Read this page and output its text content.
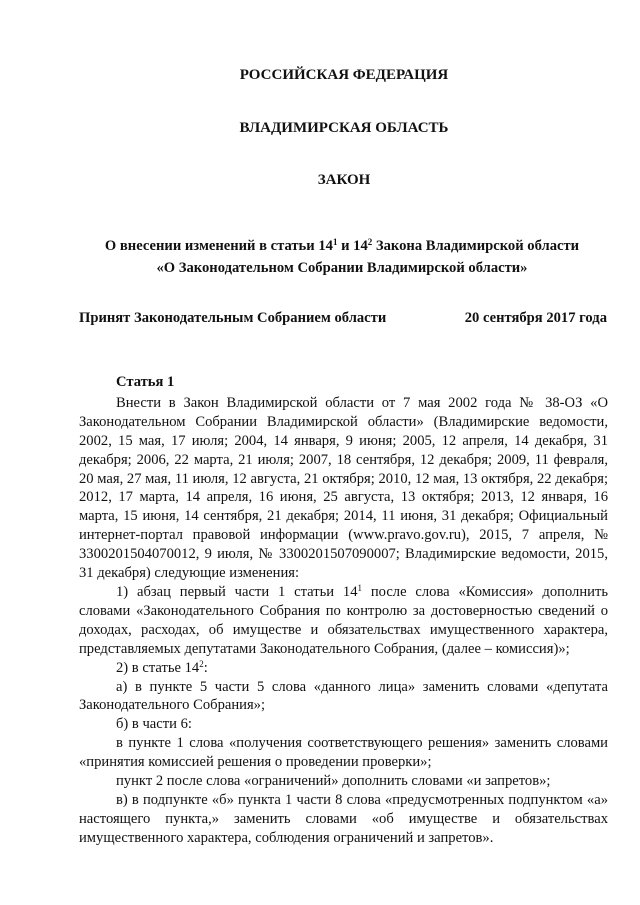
РОССИЙСКАЯ ФЕДЕРАЦИЯ
ВЛАДИМИРСКАЯ ОБЛАСТЬ
ЗАКОН
О внесении изменений в статьи $14^1$ и $14^2$ Закона Владимирской области
«О Законодательном Собрании Владимирской области»
Принят Законодательным Собранием области	20 сентября 2017 года

Статья 1

Внести в Закон Владимирской области от 7 мая 2002 года № 38-ОЗ «О Законодательном Собрании Владимирской области» (Владимирские ведомости, 2002, 15 мая, 17 июля; 2004, 14 января, 9 июня; 2005, 12 апреля, 14 декабря, 31 декабря; 2006, 22 марта, 21 июля; 2007, 18 сентября, 12 декабря; 2009, 11 февраля, 20 мая, 27 мая, 11 июля, 12 августа, 21 октября; 2010, 12 мая, 13 октября, 22 декабря; 2012, 17 марта, 14 апреля, 16 июня, 25 августа, 13 октября; 2013, 12 января, 16 марта, 15 июня, 14 сентября, 21 декабря; 2014, 11 июня, 31 декабря; Официальный интернет-портал правовой информации (www.pravo.gov.ru), 2015, 7 апреля, № 3300201504070012, 9 июля, № 3300201507090007; Владимирские ведомости, 2015, 31 декабря) следующие изменения:

1) абзац первый части 1 статьи $14^1$ после слова «Комиссия» дополнить словами «Законодательного Собрания по контролю за достоверностью сведений о доходах, расходах, об имуществе и обязательствах имущественного характера, представляемых депутатами Законодательного Собрания, (далее – комиссия)»;

2) в статье $14^2$:

а) в пункте 5 части 5 слова «данного лица» заменить словами «депутата Законодательного Собрания»;

б) в части 6:

в пункте 1 слова «получения соответствующего решения» заменить словами «принятия комиссией решения о проведении проверки»;

пункт 2 после слова «ограничений» дополнить словами «и запретов»;

в) в подпункте «б» пункта 1 части 8 слова «предусмотренных подпунктом «а» настоящего пункта,» заменить словами «об имуществе и обязательствах имущественного характера, соблюдения ограничений и запретов».
